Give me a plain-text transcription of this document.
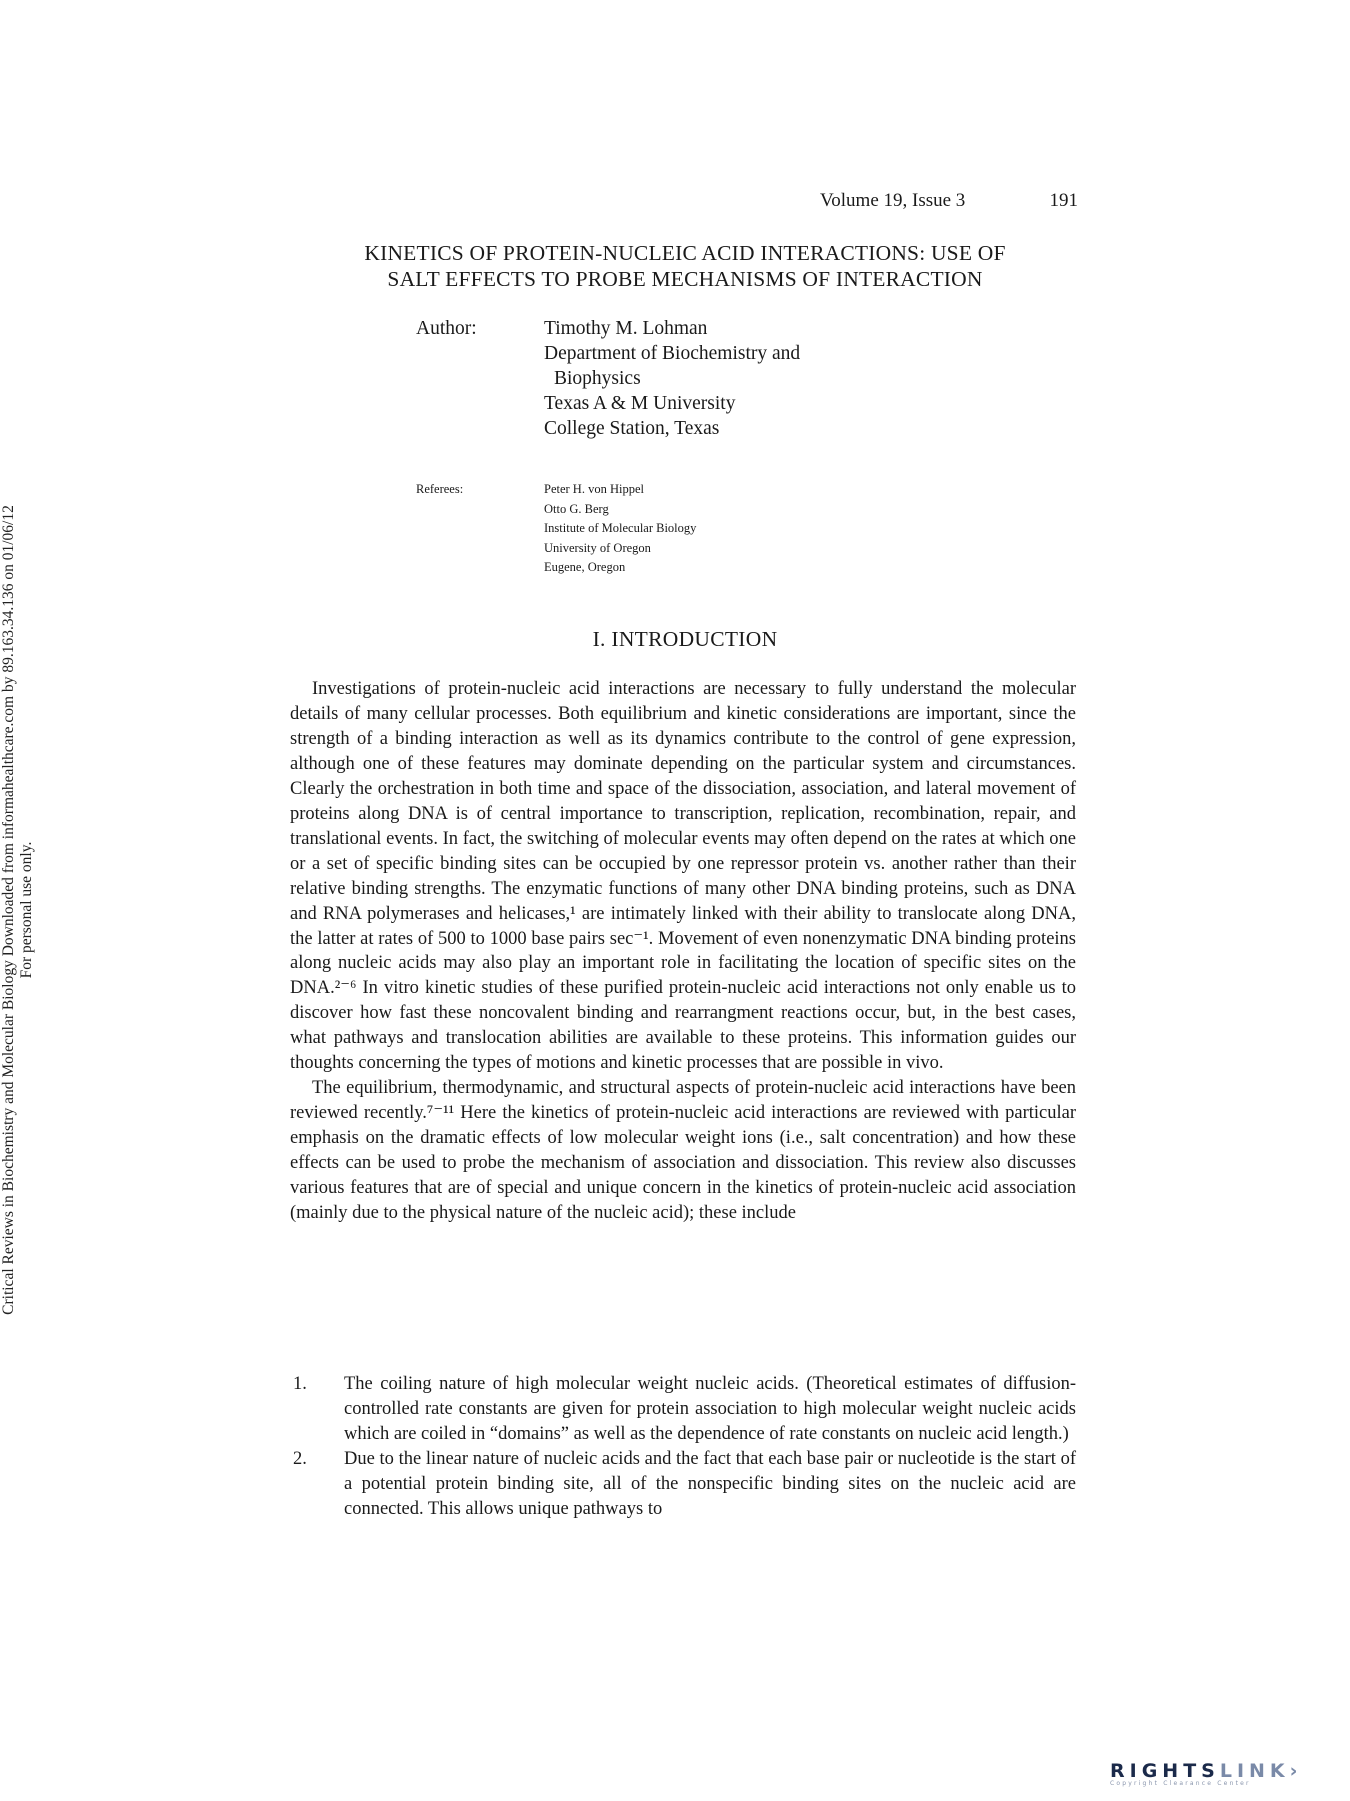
Critical Reviews in Biochemistry and Molecular Biology Downloaded from informahealthcare.com by 89.163.34.136 on 01/06/12 For personal use only.
Volume 19, Issue 3	191
KINETICS OF PROTEIN-NUCLEIC ACID INTERACTIONS: USE OF
SALT EFFECTS TO PROBE MECHANISMS OF INTERACTION
Author:	Timothy M. Lohman
Department of Biochemistry and
Biophysics
Texas A & M University
College Station, Texas
Referees:	Peter H. von Hippel
Otto G. Berg
Institute of Molecular Biology
University of Oregon
Eugene, Oregon
I. INTRODUCTION

Investigations of protein-nucleic acid interactions are necessary to fully understand the molecular details of many cellular processes. Both equilibrium and kinetic considerations are important, since the strength of a binding interaction as well as its dynamics contribute to the control of gene expression, although one of these features may dominate depending on the particular system and circumstances. Clearly the orchestration in both time and space of the dissociation, association, and lateral movement of proteins along DNA is of central importance to transcription, replication, recombination, repair, and translational events. In fact, the switching of molecular events may often depend on the rates at which one or a set of specific binding sites can be occupied by one repressor protein vs. another rather than their relative binding strengths. The enzymatic functions of many other DNA binding proteins, such as DNA and RNA polymerases and helicases,¹ are intimately linked with their ability to translocate along DNA, the latter at rates of 500 to 1000 base pairs sec⁻¹. Movement of even nonenzymatic DNA binding proteins along nucleic acids may also play an important role in facilitating the location of specific sites on the DNA.²⁻⁶ In vitro kinetic studies of these purified protein-nucleic acid interactions not only enable us to discover how fast these noncovalent binding and rearrangment reactions occur, but, in the best cases, what pathways and translocation abilities are available to these proteins. This information guides our thoughts concerning the types of motions and kinetic processes that are possible in vivo.

The equilibrium, thermodynamic, and structural aspects of protein-nucleic acid interactions have been reviewed recently.⁷⁻¹¹ Here the kinetics of protein-nucleic acid interactions are reviewed with particular emphasis on the dramatic effects of low molecular weight ions (i.e., salt concentration) and how these effects can be used to probe the mechanism of association and dissociation. This review also discusses various features that are of special and unique concern in the kinetics of protein-nucleic acid association (mainly due to the physical nature of the nucleic acid); these include

1.	The coiling nature of high molecular weight nucleic acids. (Theoretical estimates of diffusion-controlled rate constants are given for protein association to high molecular weight nucleic acids which are coiled in “domains” as well as the dependence of rate constants on nucleic acid length.)
2.	Due to the linear nature of nucleic acids and the fact that each base pair or nucleotide is the start of a potential protein binding site, all of the nonspecific binding sites on the nucleic acid are connected. This allows unique pathways to
RIGHTSLINK›
Copyright Clearance Center
